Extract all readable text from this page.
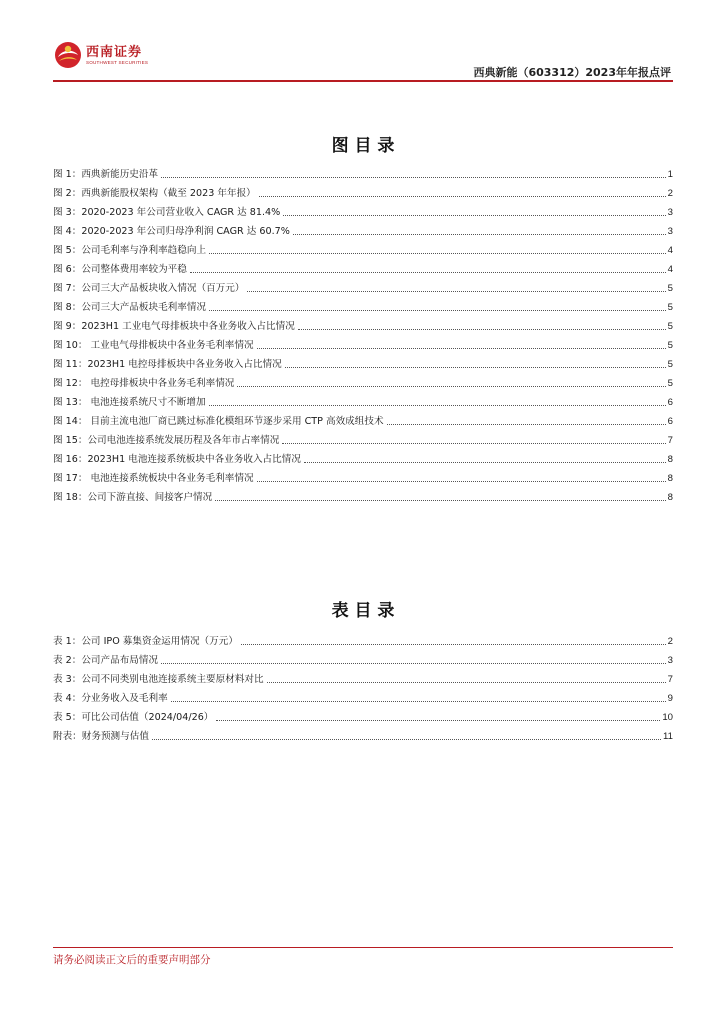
西南证券
SOUTHWEST SECURITIES
西典新能（603312）2023年年报点评
图 目 录
图 1：西典新能历史沿革	1
图 2：西典新能股权架构（截至 2023 年年报）	2
图 3：2020-2023 年公司营业收入 CAGR 达 81.4%	3
图 4：2020-2023 年公司归母净利润 CAGR 达 60.7%	3
图 5：公司毛利率与净利率趋稳向上	4
图 6：公司整体费用率较为平稳	4
图 7：公司三大产品板块收入情况（百万元）	5
图 8：公司三大产品板块毛利率情况	5
图 9：2023H1 工业电气母排板块中各业务收入占比情况	5
图 10： 工业电气母排板块中各业务毛利率情况	5
图 11：2023H1 电控母排板块中各业务收入占比情况	5
图 12： 电控母排板块中各业务毛利率情况	5
图 13： 电池连接系统尺寸不断增加	6
图 14： 目前主流电池厂商已跳过标准化模组环节逐步采用 CTP 高效成组技术	6
图 15：公司电池连接系统发展历程及各年市占率情况	7
图 16：2023H1 电池连接系统板块中各业务收入占比情况	8
图 17： 电池连接系统板块中各业务毛利率情况	8
图 18：公司下游直接、间接客户情况	8
表 目 录
表 1：公司 IPO 募集资金运用情况（万元）	2
表 2：公司产品布局情况	3
表 3：公司不同类别电池连接系统主要原材料对比	7
表 4：分业务收入及毛利率	9
表 5：可比公司估值（2024/04/26）	10
附表：财务预测与估值	11
请务必阅读正文后的重要声明部分
